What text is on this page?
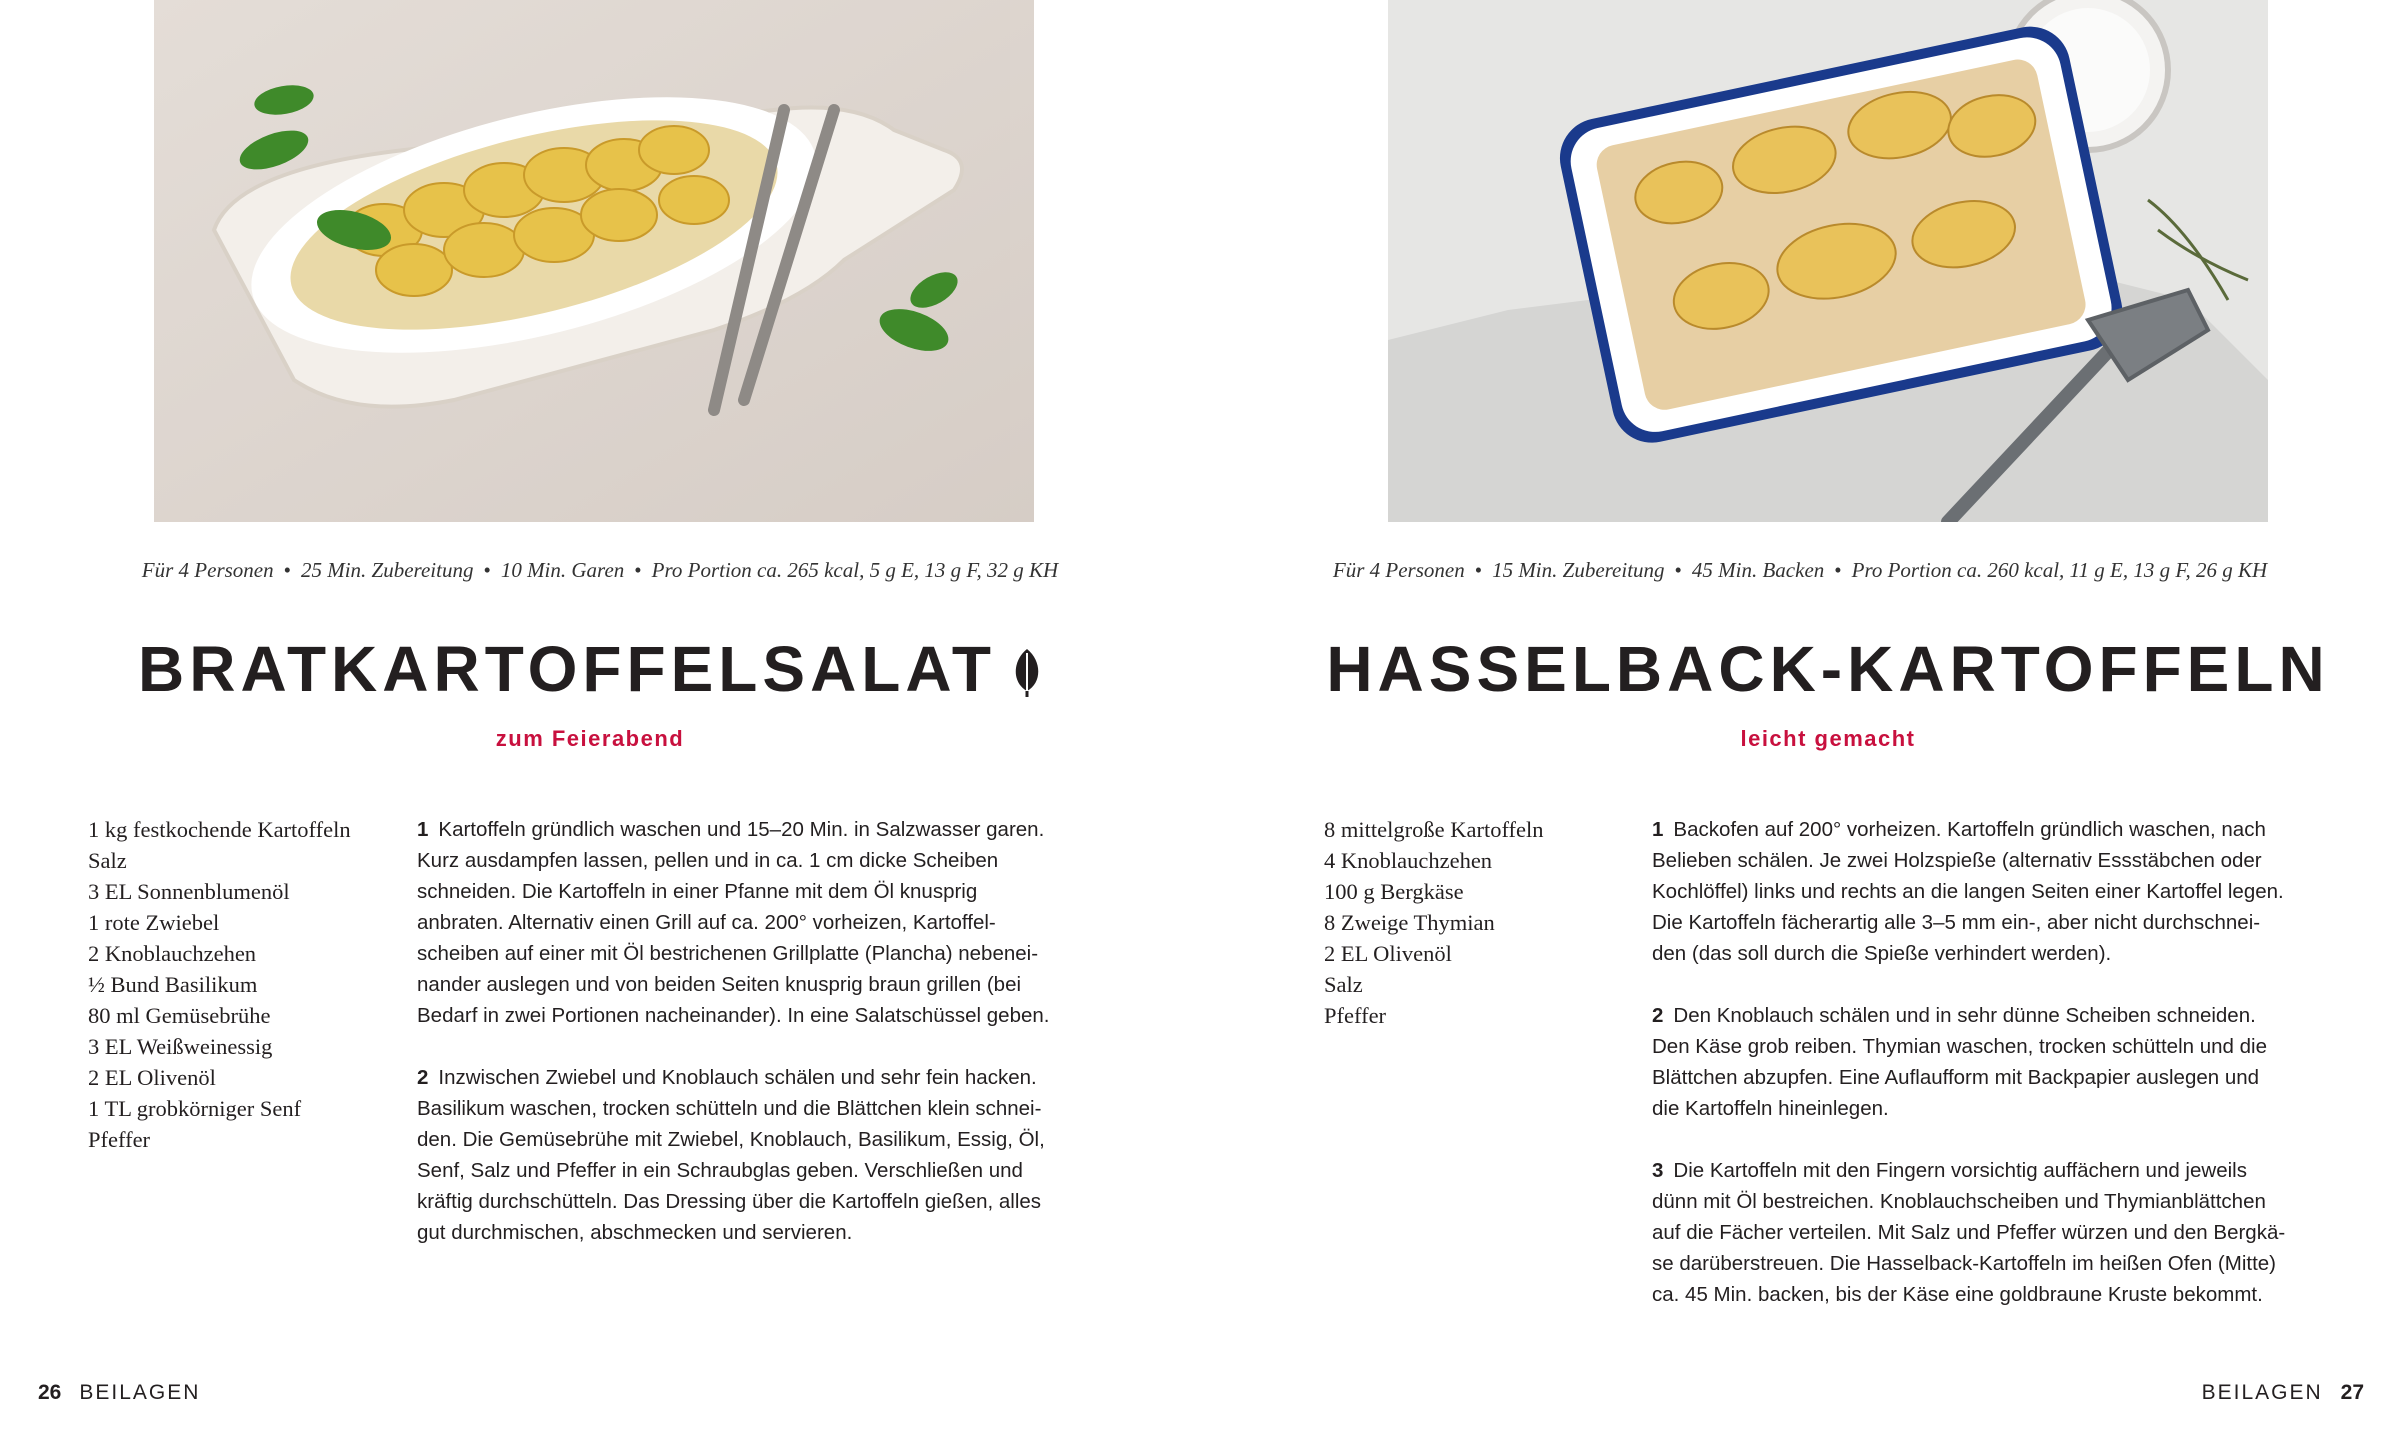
Für 4 Personen • 25 Min. Zubereitung • 10 Min. Garen • Pro Portion ca. 265 kcal, 5 g E, 13 g F, 32 g KH
BRATKARTOFFELSALAT
zum Feierabend
1 kg festkochende Kartoffeln
Salz
3 EL Sonnenblumenöl
1 rote Zwiebel
2 Knoblauchzehen
½ Bund Basilikum
80 ml Gemüsebrühe
3 EL Weißweinessig
2 EL Olivenöl
1 TL grobkörniger Senf
Pfeffer
1 Kartoffeln gründlich waschen und 15–20 Min. in Salzwasser garen.
Kurz ausdampfen lassen, pellen und in ca. 1 cm dicke Scheiben
schneiden. Die Kartoffeln in einer Pfanne mit dem Öl knusprig
anbraten. Alternativ einen Grill auf ca. 200° vorheizen, Kartoffel-
scheiben auf einer mit Öl bestrichenen Grillplatte (Plancha) nebenei-
nander auslegen und von beiden Seiten knusprig braun grillen (bei
Bedarf in zwei Portionen nacheinander). In eine Salatschüssel geben.
2 Inzwischen Zwiebel und Knoblauch schälen und sehr fein hacken.
Basilikum waschen, trocken schütteln und die Blättchen klein schnei-
den. Die Gemüsebrühe mit Zwiebel, Knoblauch, Basilikum, Essig, Öl,
Senf, Salz und Pfeffer in ein Schraubglas geben. Verschließen und
kräftig durchschütteln. Das Dressing über die Kartoffeln gießen, alles
gut durchmischen, abschmecken und servieren.
26 BEILAGEN
Für 4 Personen • 15 Min. Zubereitung • 45 Min. Backen • Pro Portion ca. 260 kcal, 11 g E, 13 g F, 26 g KH
HASSELBACK-KARTOFFELN
leicht gemacht
8 mittelgroße Kartoffeln
4 Knoblauchzehen
100 g Bergkäse
8 Zweige Thymian
2 EL Olivenöl
Salz
Pfeffer
1 Backofen auf 200° vorheizen. Kartoffeln gründlich waschen, nach
Belieben schälen. Je zwei Holzspieße (alternativ Essstäbchen oder
Kochlöffel) links und rechts an die langen Seiten einer Kartoffel legen.
Die Kartoffeln fächerartig alle 3–5 mm ein-, aber nicht durchschnei-
den (das soll durch die Spieße verhindert werden).
2 Den Knoblauch schälen und in sehr dünne Scheiben schneiden.
Den Käse grob reiben. Thymian waschen, trocken schütteln und die
Blättchen abzupfen. Eine Auflaufform mit Backpapier auslegen und
die Kartoffeln hineinlegen.
3 Die Kartoffeln mit den Fingern vorsichtig auffächern und jeweils
dünn mit Öl bestreichen. Knoblauchscheiben und Thymianblättchen
auf die Fächer verteilen. Mit Salz und Pfeffer würzen und den Bergkä-
se darüberstreuen. Die Hasselback-Kartoffeln im heißen Ofen (Mitte)
ca. 45 Min. backen, bis der Käse eine goldbraune Kruste bekommt.
BEILAGEN 27
